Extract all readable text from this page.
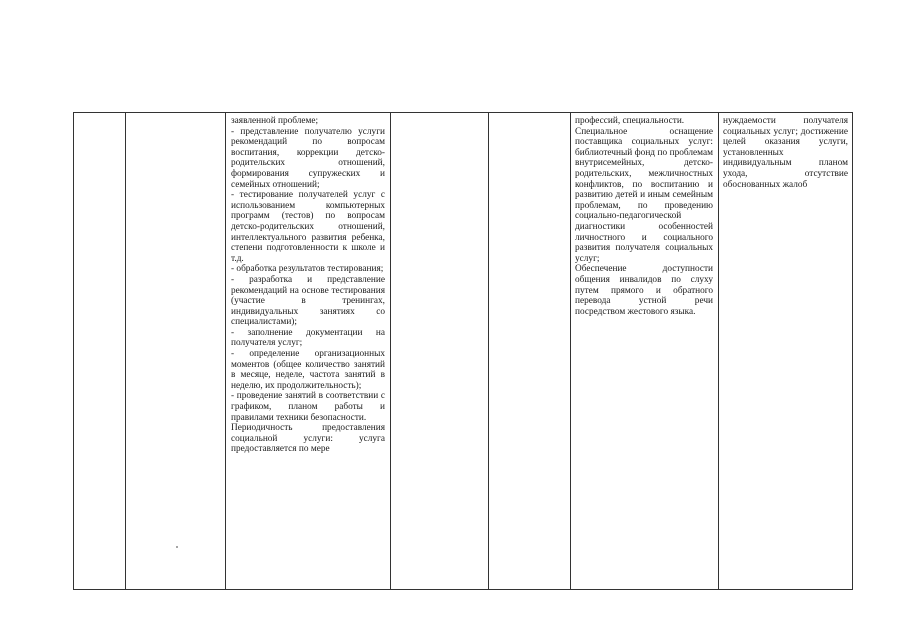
заявленной проблеме;

- представление получателю услуги рекомендаций по вопросам воспитания, коррекции детско-родительских отношений, формирования супружеских и семейных отношений;

- тестирование получателей услуг с использованием компьютерных программ (тестов) по вопросам детско-родительских отношений, интеллектуального развития ребенка, степени подготовленности к школе и т.д.

- обработка результатов тестирования;

- разработка и представление рекомендаций на основе тестирования (участие в тренингах, индивидуальных занятиях со специалистами);

- заполнение документации на получателя услуг;

- определение организационных моментов (общее количество занятий в месяце, неделе, частота занятий в неделю, их продолжительность);

- проведение занятий в соответствии с графиком, планом работы и правилами техники безопасности.

Периодичность предоставления социальной услуги: услуга предоставляется по мере

профессий, специальности.

Специальное оснащение поставщика социальных услуг: библиотечный фонд по проблемам внутрисемейных, детско-родительских, межличностных конфликтов, по воспитанию и развитию детей и иным семейным проблемам, по проведению социально-педагогической диагностики особенностей личностного и социального развития получателя социальных услуг;

Обеспечение доступности общения инвалидов по слуху путем прямого и обратного перевода устной речи посредством жестового языка.

нуждаемости получателя социальных услуг; достижение целей оказания услуги, установленных индивидуальным планом ухода, отсутствие обоснованных жалоб
